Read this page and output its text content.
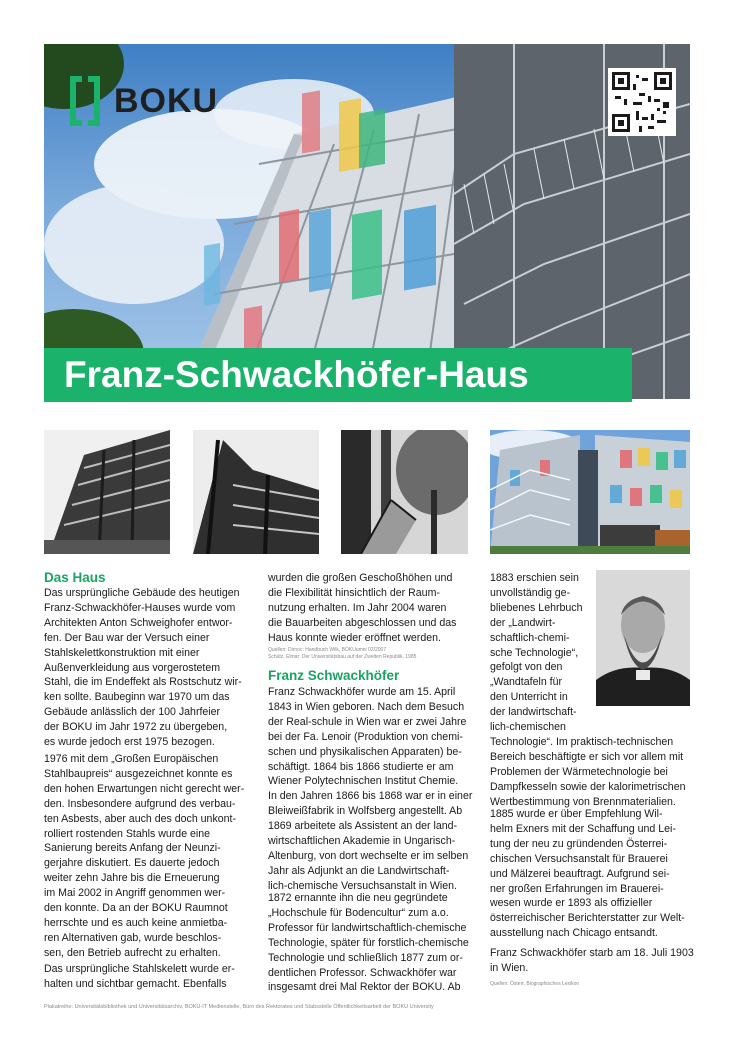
BOKU
Franz-Schwackhöfer-Haus
Das Haus
Das ursprüngliche Gebäude des heutigen
Franz-Schwackhöfer-Hauses wurde vom
Architekten Anton Schweighofer entwor-
fen. Der Bau war der Versuch einer
Stahlskelettkonstruktion mit einer
Außenverkleidung aus vorgerostetem
Stahl, die im Endeffekt als Rostschutz wir-
ken sollte. Baubeginn war 1970 um das
Gebäude anlässlich der 100 Jahrfeier
der BOKU im Jahr 1972 zu übergeben,
es wurde jedoch erst 1975 bezogen.
1976 mit dem „Großen Europäischen
Stahlbaupreis“ ausgezeichnet konnte es
den hohen Erwartungen nicht gerecht wer-
den. Insbesondere aufgrund des verbau-
ten Asbests, aber auch des doch unkont-
rolliert rostenden Stahls wurde eine
Sanierung bereits Anfang der Neunzi-
gerjahre diskutiert. Es dauerte jedoch
weiter zehn Jahre bis die Erneuerung
im Mai 2002 in Angriff genommen wer-
den konnte. Da an der BOKU Raumnot
herrschte und es auch keine anmietba-
ren Alternativen gab, wurde beschlos-
sen, den Betrieb aufrecht zu erhalten.
Das ursprüngliche Stahlskelett wurde er-
halten und sichtbar gemacht. Ebenfalls
wurden die großen Geschoßhöhen und
die Flexibilität hinsichtlich der Raum-
nutzung erhalten. Im Jahr 2004 waren
die Bauarbeiten abgeschlossen und das
Haus konnte wieder eröffnet werden.
Quellen: Dirnoc: Handbuch Wilk, BOKUumni 02/2007
Schütz, Elmar: Der Universitätsbau auf der Zweiten Republik, 1985
Franz Schwackhöfer
Franz Schwackhöfer wurde am 15. April
1843 in Wien geboren. Nach dem Besuch
der Real-schule in Wien war er zwei Jahre
bei der Fa. Lenoir (Produktion von chemi-
schen und physikalischen Apparaten) be-
schäftigt. 1864 bis 1866 studierte er am
Wiener Polytechnischen Institut Chemie.
In den Jahren 1866 bis 1868 war er in einer
Bleiweißfabrik in Wolfsberg angestellt. Ab
1869 arbeitete als Assistent an der land-
wirtschaftlichen Akademie in Ungarisch-
Altenburg, von dort wechselte er im selben
Jahr als Adjunkt an die Landwirtschaft-
lich-chemische Versuchsanstalt in Wien.
1872 ernannte ihn die neu gegründete
„Hochschule für Bodencultur“ zum a.o.
Professor für landwirtschaftlich-chemische
Technologie, später für forstlich-chemische
Technologie und schließlich 1877 zum or-
dentlichen Professor. Schwackhöfer war
insgesamt drei Mal Rektor der BOKU. Ab
1883 erschien sein
unvollständig ge-
bliebenes Lehrbuch
der „Landwirt-
schaftlich-chemi-
sche Technologie“,
gefolgt von den
„Wandtafeln für
den Unterricht in
der landwirtschaft-
lich-chemischen
Technologie“. Im praktisch-technischen
Bereich beschäftigte er sich vor allem mit
Problemen der Wärmetechnologie bei
Dampfkesseln sowie der kalorimetrischen
Wertbestimmung von Brennmaterialien.
1885 wurde er über Empfehlung Wil-
helm Exners mit der Schaffung und Lei-
tung der neu zu gründenden Österrei-
chischen Versuchsanstalt für Brauerei
und Mälzerei beauftragt. Aufgrund sei-
ner großen Erfahrungen im Brauerei-
wesen wurde er 1893 als offizieller
österreichischer Berichterstatter zur Welt-
ausstellung nach Chicago entsandt.
Franz Schwackhöfer starb am 18. Juli 1903
in Wien.
Quellen: Österr. Biographisches Lexikon
Plakatreihe: Universitätsbibliothek und Universitätsarchiv, BOKU-IT Medienstelle, Büro des Rektorates und Stabsstelle Öffentlichkeitsarbeit der BOKU University
